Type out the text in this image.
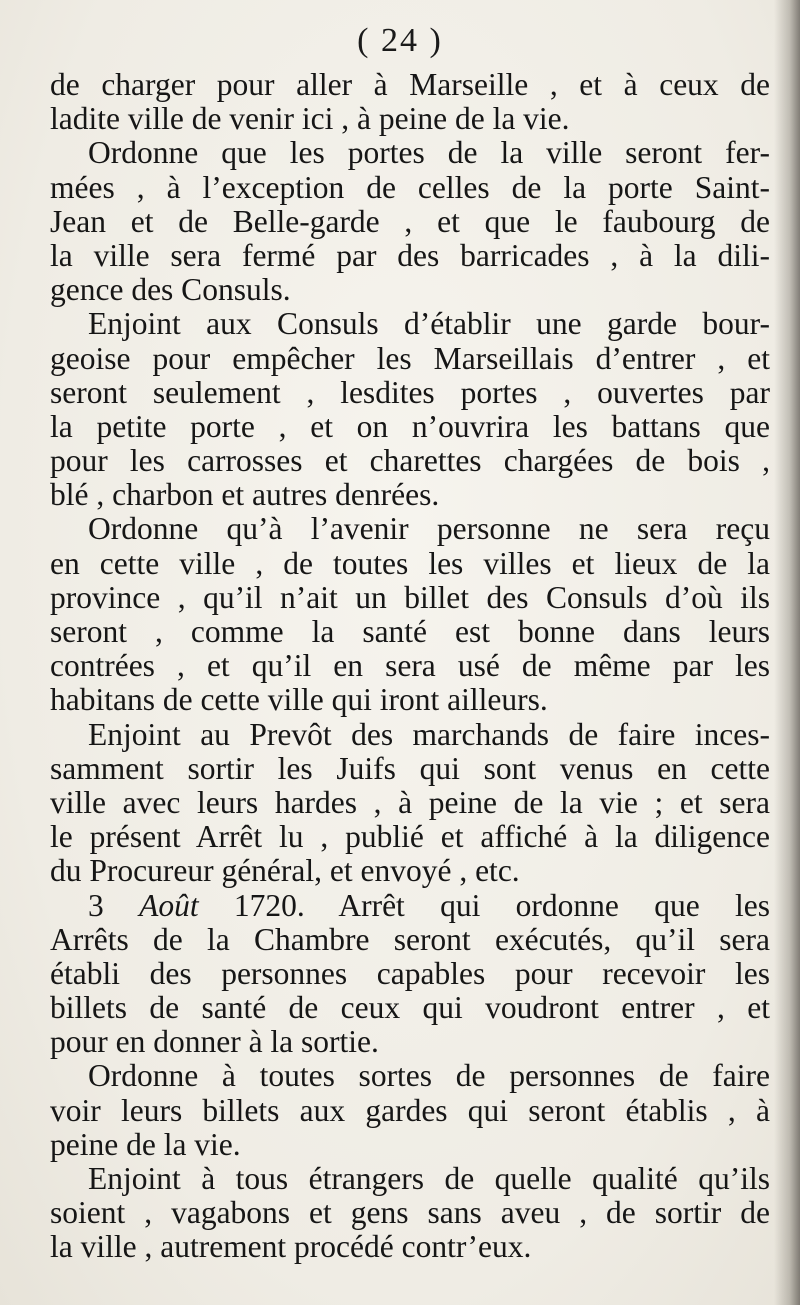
( 24 )
de charger pour aller à Marseille , et à ceux de
ladite ville de venir ici , à peine de la vie.
Ordonne que les portes de la ville seront fer-
mées , à l’exception de celles de la porte Saint-
Jean et de Belle-garde , et que le faubourg de
la ville sera fermé par des barricades , à la dili-
gence des Consuls.
Enjoint aux Consuls d’établir une garde bour-
geoise pour empêcher les Marseillais d’entrer , et
seront seulement , lesdites portes , ouvertes par
la petite porte , et on n’ouvrira les battans que
pour les carrosses et charettes chargées de bois ,
blé , charbon et autres denrées.
Ordonne qu’à l’avenir personne ne sera reçu
en cette ville , de toutes les villes et lieux de la
province , qu’il n’ait un billet des Consuls d’où ils
seront , comme la santé est bonne dans leurs
contrées , et qu’il en sera usé de même par les
habitans de cette ville qui iront ailleurs.
Enjoint au Prevôt des marchands de faire inces-
samment sortir les Juifs qui sont venus en cette
ville avec leurs hardes , à peine de la vie ; et sera
le présent Arrêt lu , publié et affiché à la diligence
du Procureur général, et envoyé , etc.
3 Août 1720. Arrêt qui ordonne que les
Arrêts de la Chambre seront exécutés, qu’il sera
établi des personnes capables pour recevoir les
billets de santé de ceux qui voudront entrer , et
pour en donner à la sortie.
Ordonne à toutes sortes de personnes de faire
voir leurs billets aux gardes qui seront établis , à
peine de la vie.
Enjoint à tous étrangers de quelle qualité qu’ils
soient , vagabons et gens sans aveu , de sortir de
la ville , autrement procédé contr’eux.
